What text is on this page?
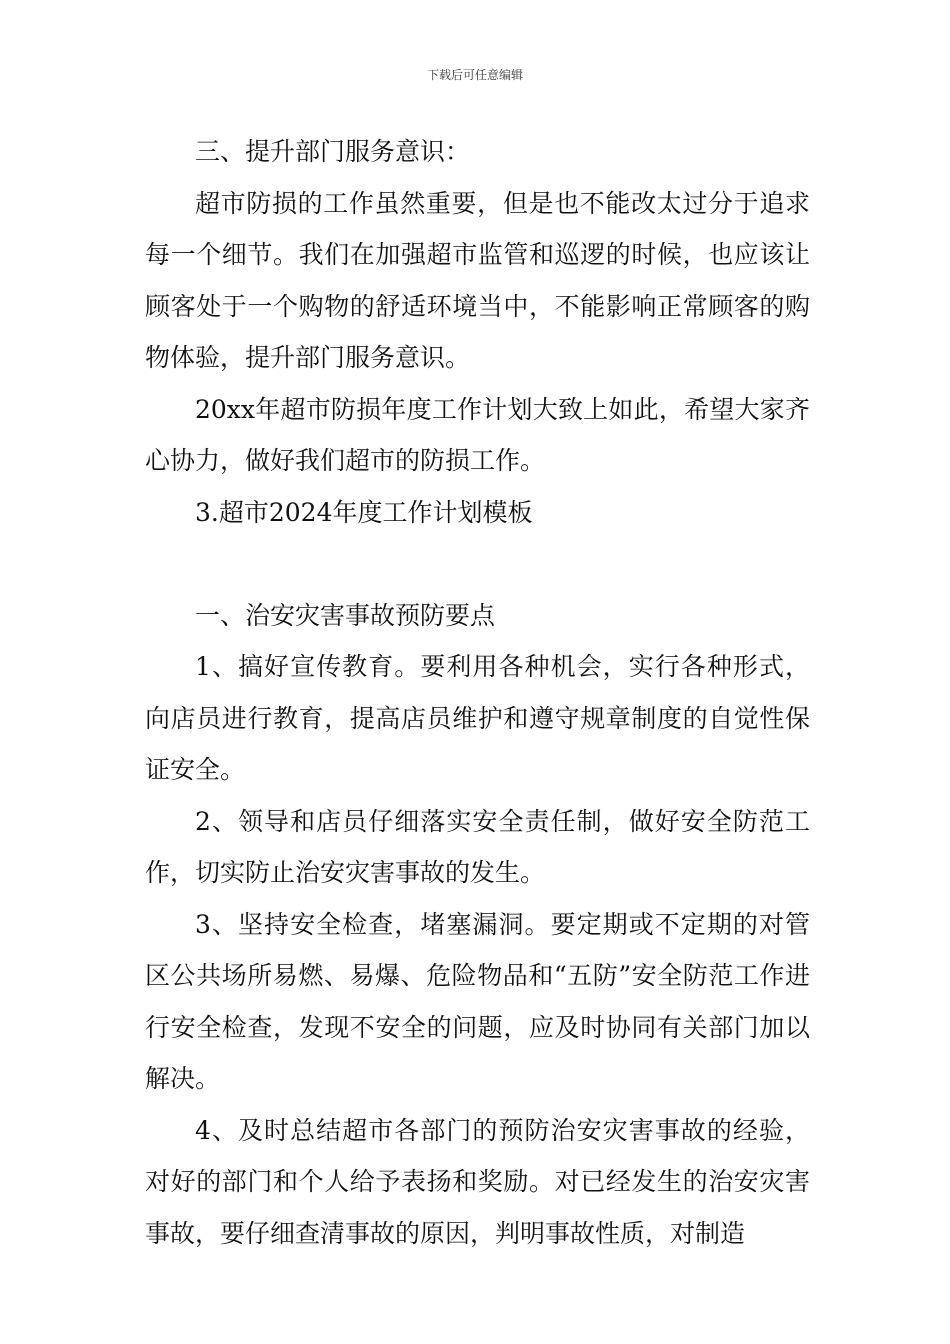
下载后可任意编辑

三、提升部门服务意识：

超市防损的工作虽然重要，但是也不能改太过分于追求每一个细节。我们在加强超市监管和巡逻的时候，也应该让顾客处于一个购物的舒适环境当中，不能影响正常顾客的购物体验，提升部门服务意识。

20xx年超市防损年度工作计划大致上如此，希望大家齐心协力，做好我们超市的防损工作。

3.超市2024年度工作计划模板

一、治安灾害事故预防要点

1、搞好宣传教育。要利用各种机会，实行各种形式，向店员进行教育，提高店员维护和遵守规章制度的自觉性保证安全。

2、领导和店员仔细落实安全责任制，做好安全防范工作，切实防止治安灾害事故的发生。

3、坚持安全检查，堵塞漏洞。要定期或不定期的对管区公共场所易燃、易爆、危险物品和“五防”安全防范工作进行安全检查，发现不安全的问题，应及时协同有关部门加以解决。

4、及时总结超市各部门的预防治安灾害事故的经验，对好的部门和个人给予表扬和奖励。对已经发生的治安灾害事故，要仔细查清事故的原因，判明事故性质，对制造
